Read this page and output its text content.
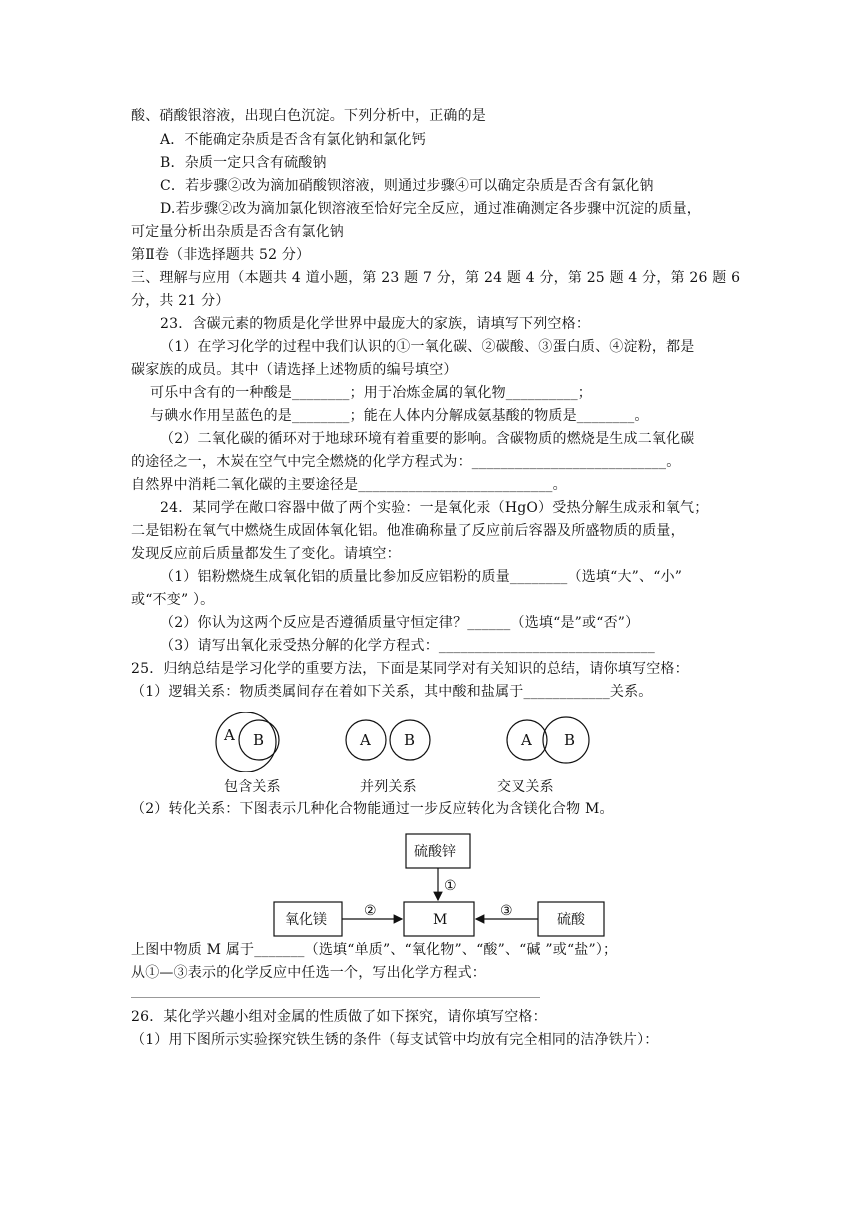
酸、硝酸银溶液，出现白色沉淀。下列分析中，正确的是
A．不能确定杂质是否含有氯化钠和氯化钙
B．杂质一定只含有硫酸钠
C．若步骤②改为滴加硝酸钡溶液，则通过步骤④可以确定杂质是否含有氯化钠
D.若步骤②改为滴加氯化钡溶液至恰好完全反应，通过准确测定各步骤中沉淀的质量，
可定量分析出杂质是否含有氯化钠
第Ⅱ卷（非选择题共 52 分）
三、理解与应用（本题共 4 道小题，第 23 题 7 分，第 24 题 4 分，第 25 题 4 分，第 26 题 6
分，共 21 分）
23．含碳元素的物质是化学世界中最庞大的家族，请填写下列空格：
（1）在学习化学的过程中我们认识的①一氧化碳、②碳酸、③蛋白质、④淀粉，都是
碳家族的成员。其中（请选择上述物质的编号填空）
可乐中含有的一种酸是________；用于冶炼金属的氧化物__________；
与碘水作用呈蓝色的是________；能在人体内分解成氨基酸的物质是________。
（2）二氧化碳的循环对于地球环境有着重要的影响。含碳物质的燃烧是生成二氧化碳
的途径之一，木炭在空气中完全燃烧的化学方程式为：___________________________。
自然界中消耗二氧化碳的主要途径是___________________________。
24．某同学在敞口容器中做了两个实验：一是氧化汞（HgO）受热分解生成汞和氧气；
二是铝粉在氧气中燃烧生成固体氧化铝。他准确称量了反应前后容器及所盛物质的质量，
发现反应前后质量都发生了变化。请填空：
（1）铝粉燃烧生成氧化铝的质量比参加反应铝粉的质量________（选填“大”、“小”
或“不变” ）。
（2）你认为这两个反应是否遵循质量守恒定律？______（选填“是”或“否”）
（3）请写出氧化汞受热分解的化学方程式：______________________________
25．归纳总结是学习化学的重要方法，下面是某同学对有关知识的总结，请你填写空格：
（1）逻辑关系：物质类属间存在着如下关系，其中酸和盐属于____________关系。
A B	A B	A B
包含关系	并列关系	交叉关系
（2）转化关系：下图表示几种化合物能通过一步反应转化为含镁化合物 M。
硫酸锌
氧化镁	M	硫酸
①
②	③
上图中物质 M 属于_______（选填“单质”、“氧化物”、“酸”、“碱 ”或“盐”）；
从①—③表示的化学反应中任选一个，写出化学方程式：
26．某化学兴趣小组对金属的性质做了如下探究，请你填写空格：
（1）用下图所示实验探究铁生锈的条件（每支试管中均放有完全相同的洁净铁片）：
